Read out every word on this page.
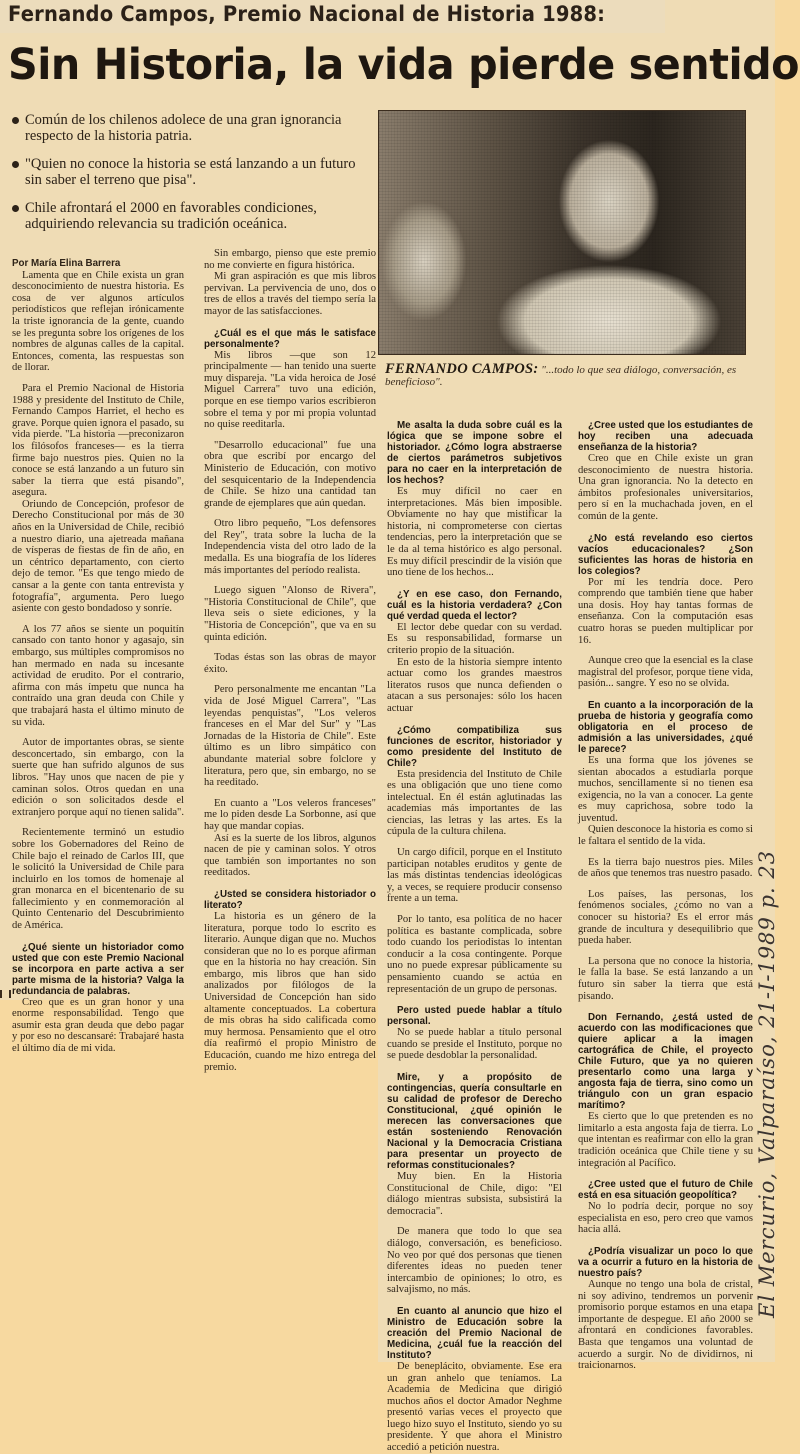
Fernando Campos, Premio Nacional de Historia 1988:
Sin Historia, la vida pierde sentido
Común de los chilenos adolece de una gran ignorancia respecto de la historia patria.
"Quien no conoce la historia se está lanzando a un futuro sin saber el terreno que pisa".
Chile afrontará el 2000 en favorables condiciones, adquiriendo relevancia su tradición oceánica.
FERNANDO CAMPOS: "...todo lo que sea diálogo, conversación, es beneficioso".

Por María Elina Barrera

Lamenta que en Chile exista un gran desconocimiento de nuestra historia. Es cosa de ver algunos artículos periodísticos que reflejan irónicamente la triste ignorancia de la gente, cuando se les pregunta sobre los orígenes de los nombres de algunas calles de la capital. Entonces, comenta, las respuestas son de llorar.

Para el Premio Nacional de Historia 1988 y presidente del Instituto de Chile, Fernando Campos Harriet, el hecho es grave. Porque quien ignora el pasado, su vida pierde. "La historia —preconizaron los filósofos franceses— es la tierra firme bajo nuestros pies. Quien no la conoce se está lanzando a un futuro sin saber la tierra que está pisando", asegura.

Oriundo de Concepción, profesor de Derecho Constitucional por más de 30 años en la Universidad de Chile, recibió a nuestro diario, una ajetreada mañana de vísperas de fiestas de fin de año, en un céntrico departamento, con cierto dejo de temor. "Es que tengo miedo de cansar a la gente con tanta entrevista y fotografía", argumenta. Pero luego asiente con gesto bondadoso y sonríe.

A los 77 años se siente un poquitín cansado con tanto honor y agasajo, sin embargo, sus múltiples compromisos no han mermado en nada su incesante actividad de erudito. Por el contrario, afirma con más ímpetu que nunca ha contraído una gran deuda con Chile y que trabajará hasta el último minuto de su vida.

Autor de importantes obras, se siente desconcertado, sin embargo, con la suerte que han sufrido algunos de sus libros. "Hay unos que nacen de pie y caminan solos. Otros quedan en una edición o son solicitados desde el extranjero porque aquí no tienen salida".

Recientemente terminó un estudio sobre los Gobernadores del Reino de Chile bajo el reinado de Carlos III, que le solicitó la Universidad de Chile para incluirlo en los tomos de homenaje al gran monarca en el bicentenario de su fallecimiento y en conmemoración al Quinto Centenario del Descubrimiento de América.

¿Qué siente un historiador como usted que con este Premio Nacional se incorpora en parte activa a ser parte misma de la historia? Valga la redundancia de palabras.

Creo que es un gran honor y una enorme responsabilidad. Tengo que asumir esta gran deuda que debo pagar y por eso no descansaré: Trabajaré hasta el último día de mi vida.

Sin embargo, pienso que este premio no me convierte en figura histórica.

Mi gran aspiración es que mis libros pervivan. La pervivencia de uno, dos o tres de ellos a través del tiempo sería la mayor de las satisfacciones.

¿Cuál es el que más le satisface personalmente?

Mis libros —que son 12 principalmente — han tenido una suerte muy dispareja. "La vida heroica de José Miguel Carrera" tuvo una edición, porque en ese tiempo varios escribieron sobre el tema y por mi propia voluntad no quise reeditarla.

"Desarrollo educacional" fue una obra que escribí por encargo del Ministerio de Educación, con motivo del sesquicentario de la Independencia de Chile. Se hizo una cantidad tan grande de ejemplares que aún quedan.

Otro libro pequeño, "Los defensores del Rey", trata sobre la lucha de la Independencia vista del otro lado de la medalla. Es una biografía de los líderes más importantes del período realista.

Luego siguen "Alonso de Rivera", "Historia Constitucional de Chile", que lleva seis o siete ediciones, y la "Historia de Concepción", que va en su quinta edición.

Todas éstas son las obras de mayor éxito.

Pero personalmente me encantan "La vida de José Miguel Carrera", "Las leyendas penquistas", "Los veleros franceses en el Mar del Sur" y "Las Jornadas de la Historia de Chile". Este último es un libro simpático con abundante material sobre folclore y literatura, pero que, sin embargo, no se ha reeditado.

En cuanto a "Los veleros franceses" me lo piden desde La Sorbonne, así que hay que mandar copias.

Así es la suerte de los libros, algunos nacen de pie y caminan solos. Y otros que también son importantes no son reeditados.

¿Usted se considera historiador o literato?

La historia es un género de la literatura, porque todo lo escrito es literario. Aunque digan que no. Muchos consideran que no lo es porque afirman que en la historia no hay creación. Sin embargo, mis libros que han sido analizados por filólogos de la Universidad de Concepción han sido altamente conceptuados. La cobertura de mis obras ha sido calificada como muy hermosa. Pensamiento que el otro día reafirmó el propio Ministro de Educación, cuando me hizo entrega del premio.

Me asalta la duda sobre cuál es la lógica que se impone sobre el historiador. ¿Cómo logra abstraerse de ciertos parámetros subjetivos para no caer en la interpretación de los hechos?

Es muy difícil no caer en interpretaciones. Más bien imposible. Obviamente no hay que mistificar la historia, ni comprometerse con ciertas tendencias, pero la interpretación que se le da al tema histórico es algo personal. Es muy difícil prescindir de la visión que uno tiene de los hechos...

¿Y en ese caso, don Fernando, cuál es la historia verdadera? ¿Con qué verdad queda el lector?

El lector debe quedar con su verdad. Es su responsabilidad, formarse un criterio propio de la situación.

En esto de la historia siempre intento actuar como los grandes maestros literatos rusos que nunca defienden o atacan a sus personajes: sólo los hacen actuar

¿Cómo compatibiliza sus funciones de escritor, historiador y como presidente del Instituto de Chile?

Esta presidencia del Instituto de Chile es una obligación que uno tiene como intelectual. En él están aglutinadas las academias más importantes de las ciencias, las letras y las artes. Es la cúpula de la cultura chilena.

Un cargo difícil, porque en el Instituto participan notables eruditos y gente de las más distintas tendencias ideológicas y, a veces, se requiere producir consenso frente a un tema.

Por lo tanto, esa política de no hacer política es bastante complicada, sobre todo cuando los periodistas lo intentan conducir a la cosa contingente. Porque uno no puede expresar públicamente su pensamiento cuando se actúa en representación de un grupo de personas.

Pero usted puede hablar a título personal.

No se puede hablar a título personal cuando se preside el Instituto, porque no se puede desdoblar la personalidad.

Mire, y a propósito de contingencias, quería consultarle en su calidad de profesor de Derecho Constitucional, ¿qué opinión le merecen las conversaciones que están sosteniendo Renovación Nacional y la Democracia Cristiana para presentar un proyecto de reformas constitucionales?

Muy bien. En la Historia Constitucional de Chile, digo: "El diálogo mientras subsista, subsistirá la democracia".

De manera que todo lo que sea diálogo, conversación, es beneficioso. No veo por qué dos personas que tienen diferentes ideas no pueden tener intercambio de opiniones; lo otro, es salvajismo, no más.

En cuanto al anuncio que hizo el Ministro de Educación sobre la creación del Premio Nacional de Medicina, ¿cuál fue la reacción del Instituto?

De beneplácito, obviamente. Ese era un gran anhelo que teníamos. La Academia de Medicina que dirigió muchos años el doctor Amador Neghme presentó varias veces el proyecto que luego hizo suyo el Instituto, siendo yo su presidente. Y que ahora el Ministro accedió a petición nuestra.

¿Cree usted que los estudiantes de hoy reciben una adecuada enseñanza de la historia?

Creo que en Chile existe un gran desconocimiento de nuestra historia. Una gran ignorancia. No la detecto en ámbitos profesionales universitarios, pero sí en la muchachada joven, en el común de la gente.

¿No está revelando eso ciertos vacíos educacionales? ¿Son suficientes las horas de historia en los colegios?

Por mí les tendría doce. Pero comprendo que también tiene que haber una dosis. Hoy hay tantas formas de enseñanza. Con la computación esas cuatro horas se pueden multiplicar por 16.

Aunque creo que la esencial es la clase magistral del profesor, porque tiene vida, pasión... sangre. Y eso no se olvida.

En cuanto a la incorporación de la prueba de historia y geografía como obligatoria en el proceso de admisión a las universidades, ¿qué le parece?

Es una forma que los jóvenes se sientan abocados a estudiarla porque muchos, sencillamente si no tienen esa exigencia, no la van a conocer. La gente es muy caprichosa, sobre todo la juventud.

Quien desconoce la historia es como si le faltara el sentido de la vida.

Es la tierra bajo nuestros pies. Miles de años que tenemos tras nuestro pasado.

Los países, las personas, los fenómenos sociales, ¿cómo no van a conocer su historia? Es el error más grande de incultura y desequilibrio que pueda haber.

La persona que no conoce la historia, le falla la base. Se está lanzando a un futuro sin saber la tierra que está pisando.

Don Fernando, ¿está usted de acuerdo con las modificaciones que quiere aplicar a la imagen cartográfica de Chile, el proyecto Chile Futuro, que ya no quieren presentarlo como una larga y angosta faja de tierra, sino como un triángulo con un gran espacio marítimo?

Es cierto que lo que pretenden es no limitarlo a esta angosta faja de tierra. Lo que intentan es reafirmar con ello la gran tradición oceánica que Chile tiene y su integración al Pacífico.

¿Cree usted que el futuro de Chile está en esa situación geopolítica?

No lo podría decir, porque no soy especialista en eso, pero creo que vamos hacia allá.

¿Podría visualizar un poco lo que va a ocurrir a futuro en la historia de nuestro país?

Aunque no tengo una bola de cristal, ni soy adivino, tendremos un porvenir promisorio porque estamos en una etapa importante de despegue. El año 2000 se afrontará en condiciones favorables. Basta que tengamos una voluntad de acuerdo a surgir. No de dividirnos, ni traicionarnos.

El Mercurio, Valparaíso, 21-I-1989 p. 23
